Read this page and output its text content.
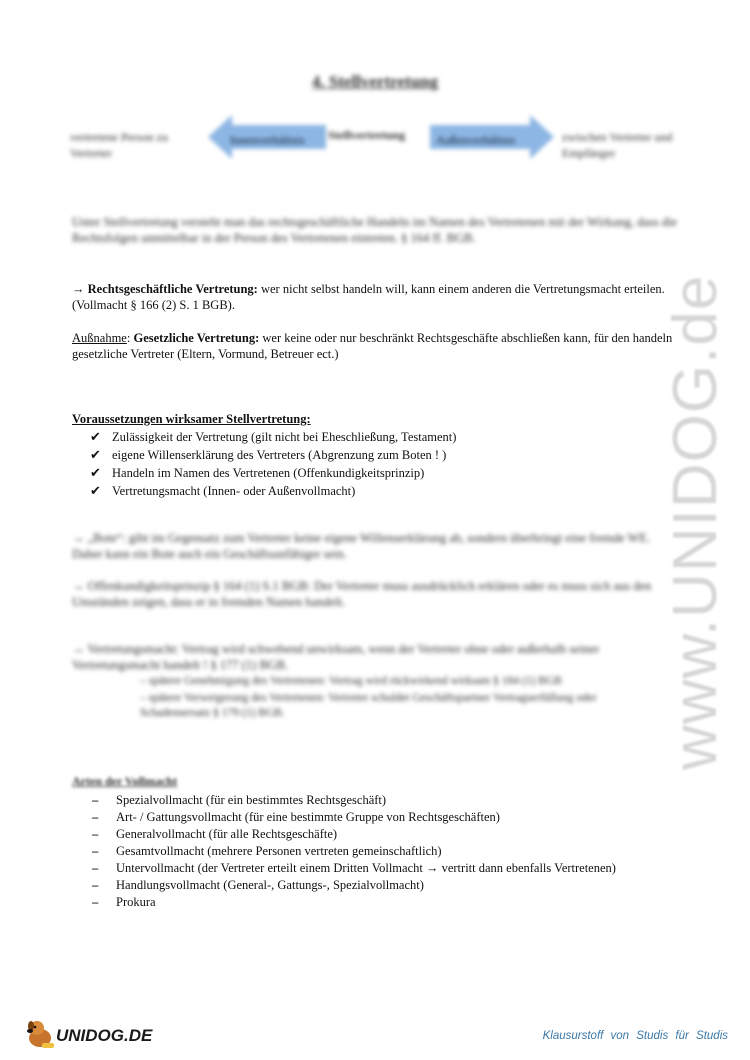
4. Stellvertretung
vertretene Person zu Vertreter
Innenverhältnis Stellvertretung	Außenverhältnis	zwischen Vertreter und Empfänger
Unter Stellvertretung versteht man das rechtsgeschäftliche Handeln im Namen des Vertretenen mit der Wirkung, dass die Rechtsfolgen unmittelbar in der Person des Vertretenen eintreten. § 164 ff. BGB.
→ Rechtsgeschäftliche Vertretung: wer nicht selbst handeln will, kann einem anderen die Vertretungsmacht erteilen. (Vollmacht § 166 (2) S. 1 BGB).
Außnahme: Gesetzliche Vertretung: wer keine oder nur beschränkt Rechtsgeschäfte abschließen kann, für den handeln gesetzliche Vertreter (Eltern, Vormund, Betreuer ect.)
Voraussetzungen wirksamer Stellvertretung:
✔ Zulässigkeit der Vertretung (gilt nicht bei Eheschließung, Testament)
✔ eigene Willenserklärung des Vertreters (Abgrenzung zum Boten ! )
✔ Handeln im Namen des Vertretenen (Offenkundigkeitsprinzip)
✔ Vertretungsmacht (Innen- oder Außenvollmacht)
→ „Bote“: gibt im Gegensatz zum Vertreter keine eigene Willenserklärung ab, sondern überbringt eine fremde WE. Daher kann ein Bote auch ein Geschäftsunfähiger sein.
→ Offenkundigkeitsprinzip § 164 (1) S.1 BGB: Der Vertreter muss ausdrücklich erklären oder es muss sich aus den Umständen zeigen, dass er in fremden Namen handelt.
→ Vertretungsmacht: Vertrag wird schwebend unwirksam, wenn der Vertreter ohne oder außerhalb seiner Vertretungsmacht handelt ! § 177 (1) BGB.
– spätere Genehmigung des Vertretenen: Vertrag wird rückwirkend wirksam § 184 (1) BGB
– spätere Verweigerung des Vertretenen: Vertreter schuldet Geschäftspartner Vertragserfüllung oder Schadensersatz § 179 (1) BGB.
Arten der Vollmacht
–	Spezialvollmacht (für ein bestimmtes Rechtsgeschäft)
–	Art- / Gattungsvollmacht (für eine bestimmte Gruppe von Rechtsgeschäften)
–	Generalvollmacht (für alle Rechtsgeschäfte)
–	Gesamtvollmacht (mehrere Personen vertreten gemeinschaftlich)
–	Untervollmacht (der Vertreter erteilt einem Dritten Vollmacht → vertritt dann ebenfalls Vertretenen)
–	Handlungsvollmacht (General-, Gattungs-, Spezialvollmacht)
–	Prokura
www.UNIDOG.de
UNIDOG.DE	Klausurstoff von Studis für Studis
